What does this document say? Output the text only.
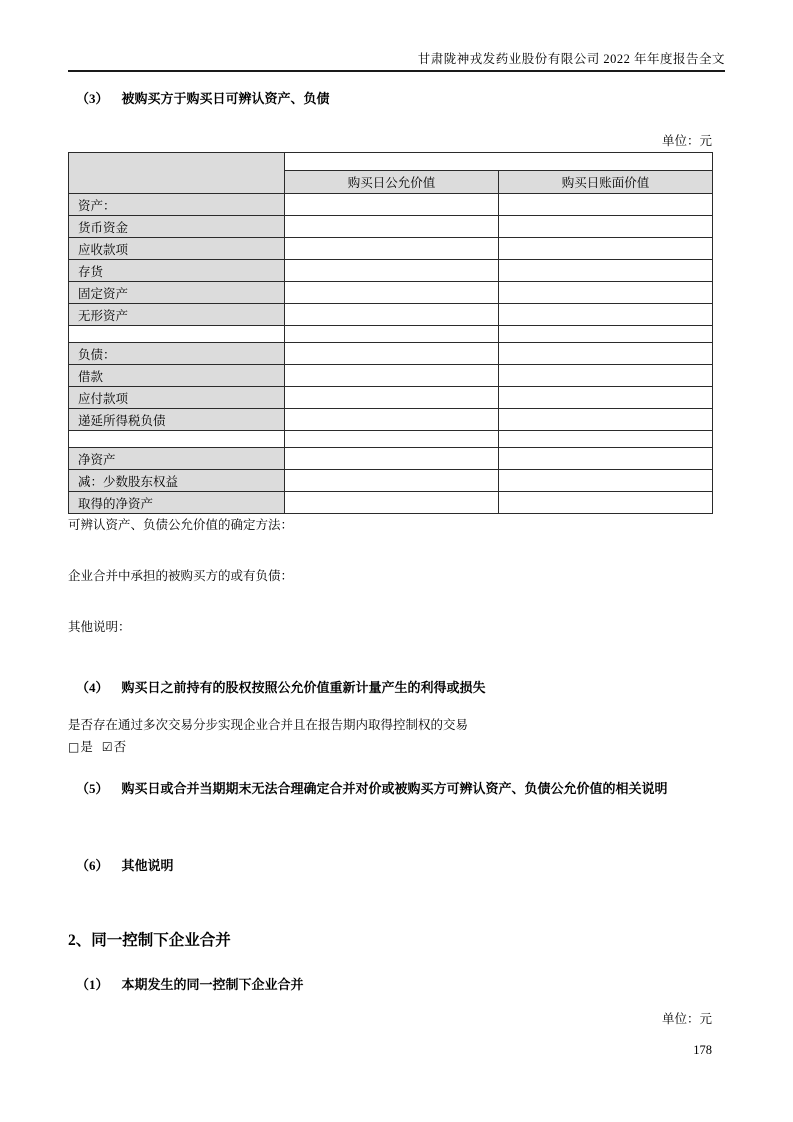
甘肃陇神戎发药业股份有限公司 2022 年年度报告全文
（3） 被购买方于购买日可辨认资产、负债
单位：元

	购买日公允价值	购买日账面价值
资产：		
货币资金		
应收款项		
存货		
固定资产		
无形资产		

负债：		
借款		
应付款项		
递延所得税负债		

净资产		
减：少数股东权益		
取得的净资产		
可辨认资产、负债公允价值的确定方法：
企业合并中承担的被购买方的或有负债：
其他说明：
（4） 购买日之前持有的股权按照公允价值重新计量产生的利得或损失
是否存在通过多次交易分步实现企业合并且在报告期内取得控制权的交易
□ 是 ☑ 否
（5） 购买日或合并当期期末无法合理确定合并对价或被购买方可辨认资产、负债公允价值的相关说明
（6） 其他说明
2、同一控制下企业合并
（1） 本期发生的同一控制下企业合并
单位：元
178
